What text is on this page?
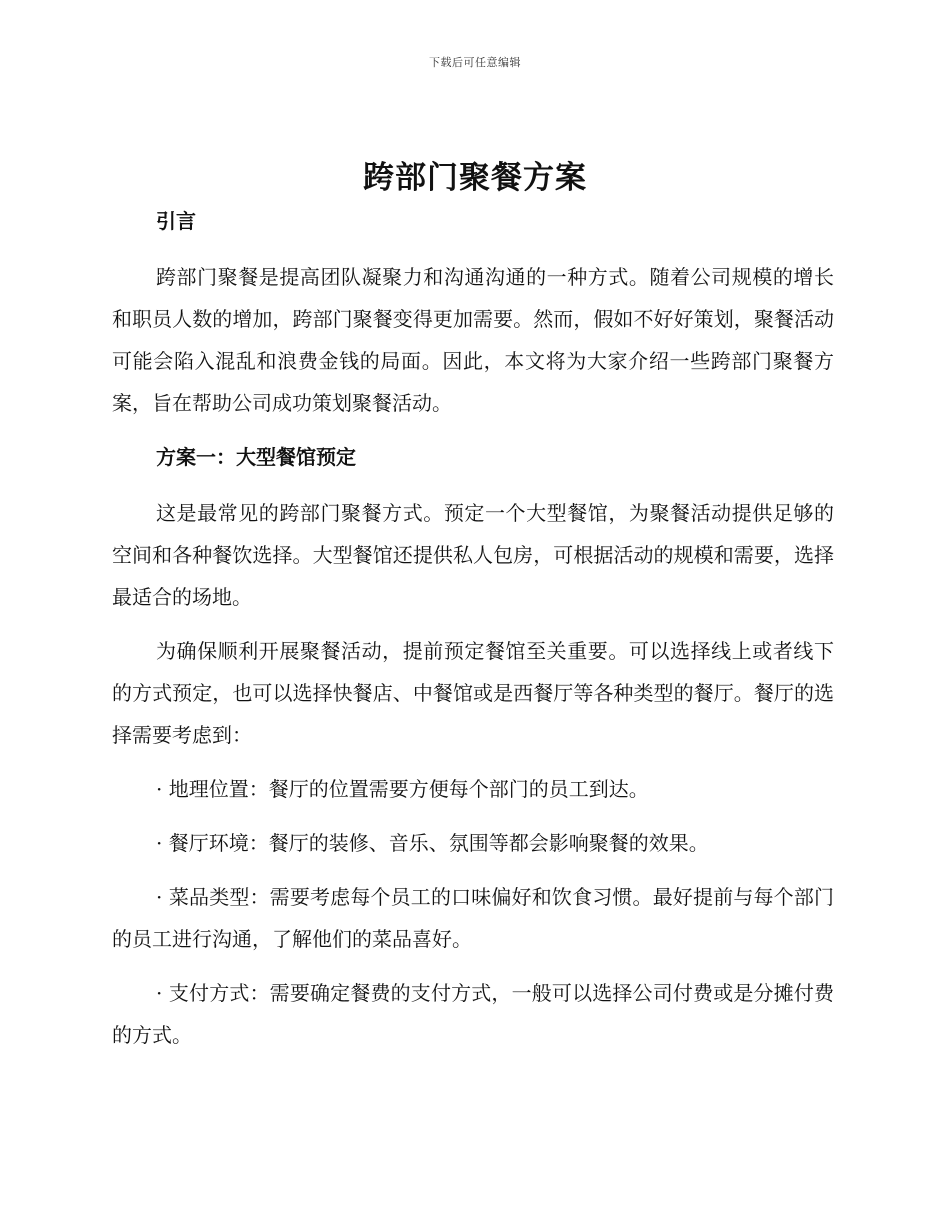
下载后可任意编辑
跨部门聚餐方案
引言

跨部门聚餐是提高团队凝聚力和沟通沟通的一种方式。随着公司规模的增长和职员人数的增加，跨部门聚餐变得更加需要。然而，假如不好好策划，聚餐活动可能会陷入混乱和浪费金钱的局面。因此，本文将为大家介绍一些跨部门聚餐方案，旨在帮助公司成功策划聚餐活动。

方案一：大型餐馆预定

这是最常见的跨部门聚餐方式。预定一个大型餐馆，为聚餐活动提供足够的空间和各种餐饮选择。大型餐馆还提供私人包房，可根据活动的规模和需要，选择最适合的场地。

为确保顺利开展聚餐活动，提前预定餐馆至关重要。可以选择线上或者线下的方式预定，也可以选择快餐店、中餐馆或是西餐厅等各种类型的餐厅。餐厅的选择需要考虑到：

· 地理位置：餐厅的位置需要方便每个部门的员工到达。

· 餐厅环境：餐厅的装修、音乐、氛围等都会影响聚餐的效果。

· 菜品类型：需要考虑每个员工的口味偏好和饮食习惯。最好提前与每个部门的员工进行沟通，了解他们的菜品喜好。

· 支付方式：需要确定餐费的支付方式，一般可以选择公司付费或是分摊付费的方式。
